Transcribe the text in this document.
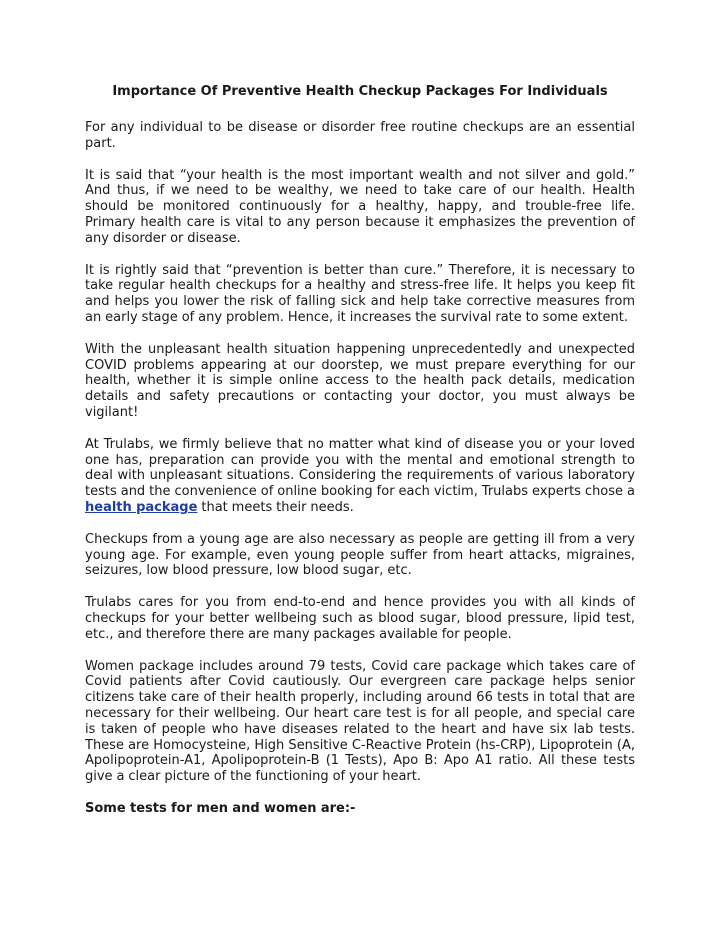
Importance Of Preventive Health Checkup Packages For Individuals

For any individual to be disease or disorder free routine checkups are an essential part.

It is said that “your health is the most important wealth and not silver and gold.” And thus, if we need to be wealthy, we need to take care of our health. Health should be monitored continuously for a healthy, happy, and trouble-free life. Primary health care is vital to any person because it emphasizes the prevention of any disorder or disease.

It is rightly said that “prevention is better than cure.” Therefore, it is necessary to take regular health checkups for a healthy and stress-free life. It helps you keep fit and helps you lower the risk of falling sick and help take corrective measures from an early stage of any problem. Hence, it increases the survival rate to some extent.

With the unpleasant health situation happening unprecedentedly and unexpected COVID problems appearing at our doorstep, we must prepare everything for our health, whether it is simple online access to the health pack details, medication details and safety precautions or contacting your doctor, you must always be vigilant!

At Trulabs, we firmly believe that no matter what kind of disease you or your loved one has, preparation can provide you with the mental and emotional strength to deal with unpleasant situations. Considering the requirements of various laboratory tests and the convenience of online booking for each victim, Trulabs experts chose a health package that meets their needs.

Checkups from a young age are also necessary as people are getting ill from a very young age. For example, even young people suffer from heart attacks, migraines, seizures, low blood pressure, low blood sugar, etc.

Trulabs cares for you from end-to-end and hence provides you with all kinds of checkups for your better wellbeing such as blood sugar, blood pressure, lipid test, etc., and therefore there are many packages available for people.

Women package includes around 79 tests, Covid care package which takes care of Covid patients after Covid cautiously. Our evergreen care package helps senior citizens take care of their health properly, including around 66 tests in total that are necessary for their wellbeing. Our heart care test is for all people, and special care is taken of people who have diseases related to the heart and have six lab tests. These are Homocysteine, High Sensitive C-Reactive Protein (hs-CRP), Lipoprotein (A, Apolipoprotein-A1, Apolipoprotein-B (1 Tests), Apo B: Apo A1 ratio. All these tests give a clear picture of the functioning of your heart.

Some tests for men and women are:-
